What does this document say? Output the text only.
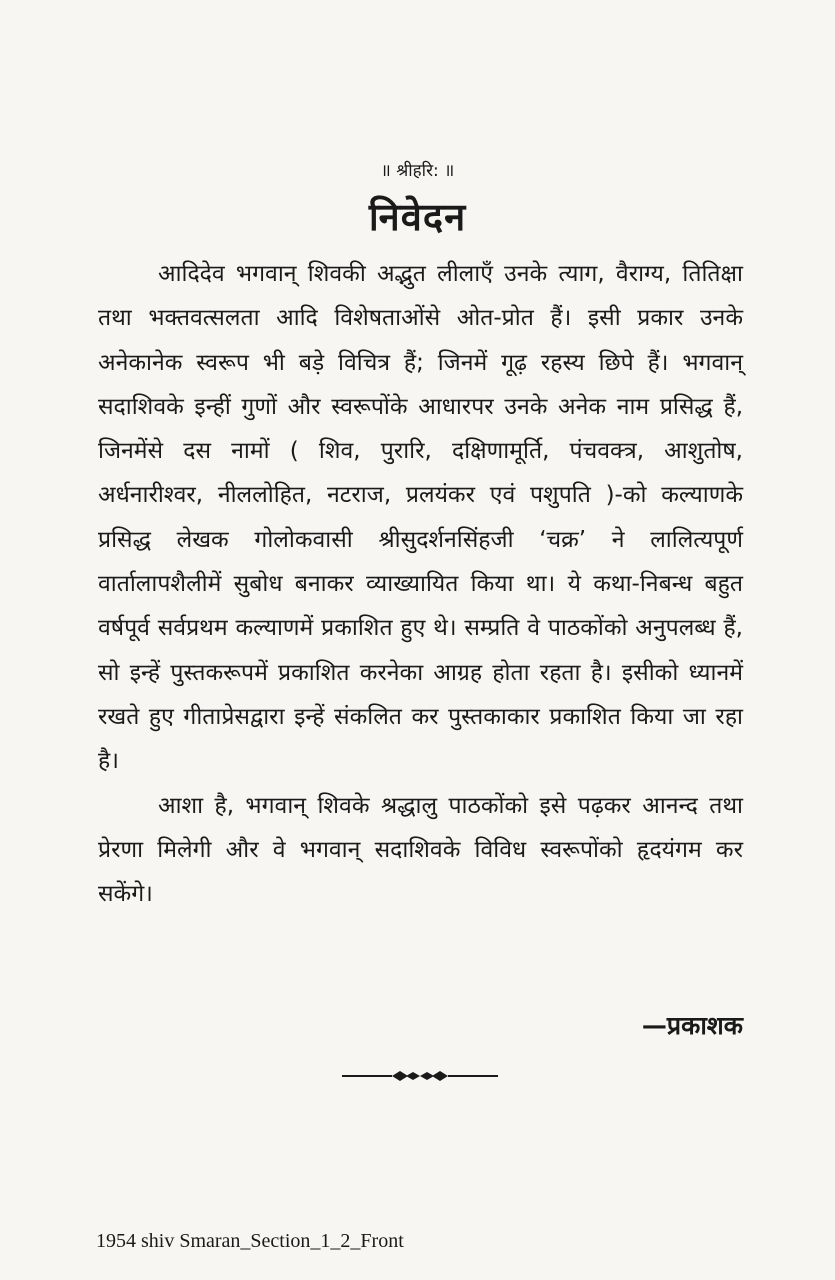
॥ श्रीहरि: ॥
निवेदन

आदिदेव भगवान् शिवकी अद्भुत लीलाएँ उनके त्याग, वैराग्य, तितिक्षा तथा भक्तवत्सलता आदि विशेषताओंसे ओत-प्रोत हैं। इसी प्रकार उनके अनेकानेक स्वरूप भी बड़े विचित्र हैं; जिनमें गूढ़ रहस्य छिपे हैं। भगवान् सदाशिवके इन्हीं गुणों और स्वरूपोंके आधारपर उनके अनेक नाम प्रसिद्ध हैं, जिनमेंसे दस नामों ( शिव, पुरारि, दक्षिणामूर्ति, पंचवक्त्र, आशुतोष, अर्धनारीश्वर, नीललोहित, नटराज, प्रलयंकर एवं पशुपति )-को कल्याणके प्रसिद्ध लेखक गोलोकवासी श्रीसुदर्शनसिंहजी ‘चक्र’ ने लालित्यपूर्ण वार्तालापशैलीमें सुबोध बनाकर व्याख्यायित किया था। ये कथा-निबन्ध बहुत वर्षपूर्व सर्वप्रथम कल्याणमें प्रकाशित हुए थे। सम्प्रति वे पाठकोंको अनुपलब्ध हैं, सो इन्हें पुस्तकरूपमें प्रकाशित करनेका आग्रह होता रहता है। इसीको ध्यानमें रखते हुए गीताप्रेसद्वारा इन्हें संकलित कर पुस्तकाकार प्रकाशित किया जा रहा है।

आशा है, भगवान् शिवके श्रद्धालु पाठकोंको इसे पढ़कर आनन्द तथा प्रेरणा मिलेगी और वे भगवान् सदाशिवके विविध स्वरूपोंको हृदयंगम कर सकेंगे।

—प्रकाशक
1954 shiv Smaran_Section_1_2_Front
